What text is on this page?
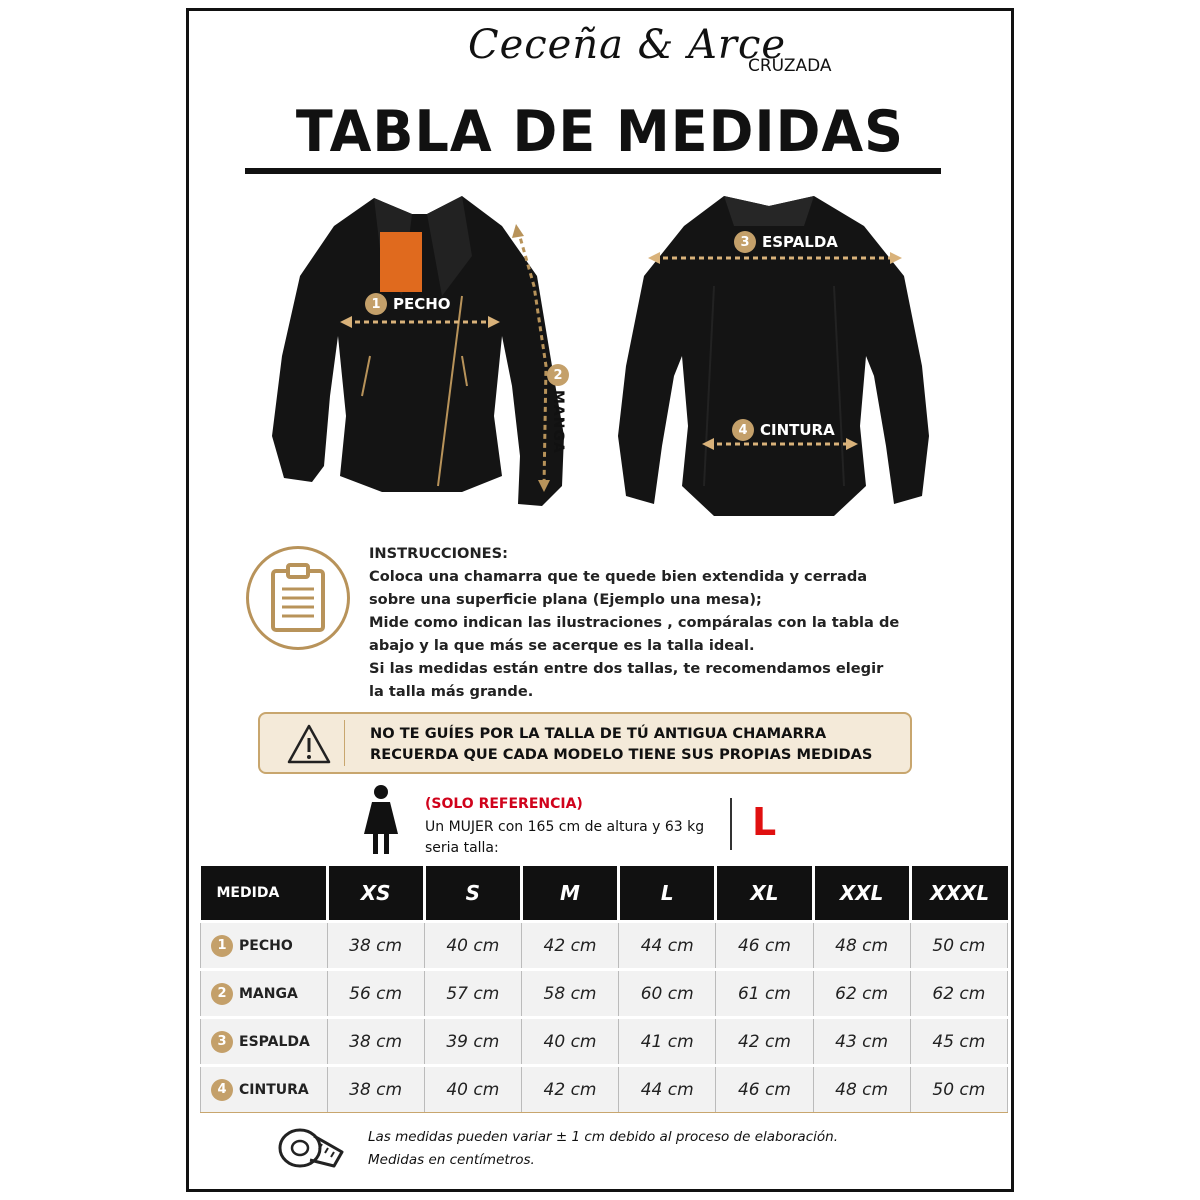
Ceceña & Arce
CRUZADA
TABLA DE MEDIDAS
1 PECHO
2
MANGA
3 ESPALDA
4 CINTURA

INSTRUCCIONES:

Coloca una chamarra que te quede bien extendida y cerrada

sobre una superficie plana (Ejemplo una mesa);

Mide como indican las ilustraciones , compáralas con la tabla de

abajo y la que más se acerque es la talla ideal.

Si las medidas están entre dos tallas, te recomendamos elegir

la talla más grande.

NO TE GUÍES POR LA TALLA DE TÚ ANTIGUA CHAMARRA
RECUERDA QUE CADA MODELO TIENE SUS PROPIAS MEDIDAS
(SOLO REFERENCIA)
Un MUJER con 165 cm de altura y 63 kg
seria talla:
L
MEDIDA	XS	S	M	L	XL	XXL	XXXL
1 PECHO	38 cm	40 cm	42 cm	44 cm	46 cm	48 cm	50 cm
2 MANGA	56 cm	57 cm	58 cm	60 cm	61 cm	62 cm	62 cm
3 ESPALDA	38 cm	39 cm	40 cm	41 cm	42 cm	43 cm	45 cm
4 CINTURA	38 cm	40 cm	42 cm	44 cm	46 cm	48 cm	50 cm

Las medidas pueden variar ± 1 cm debido al proceso de elaboración.

Medidas en centímetros.
